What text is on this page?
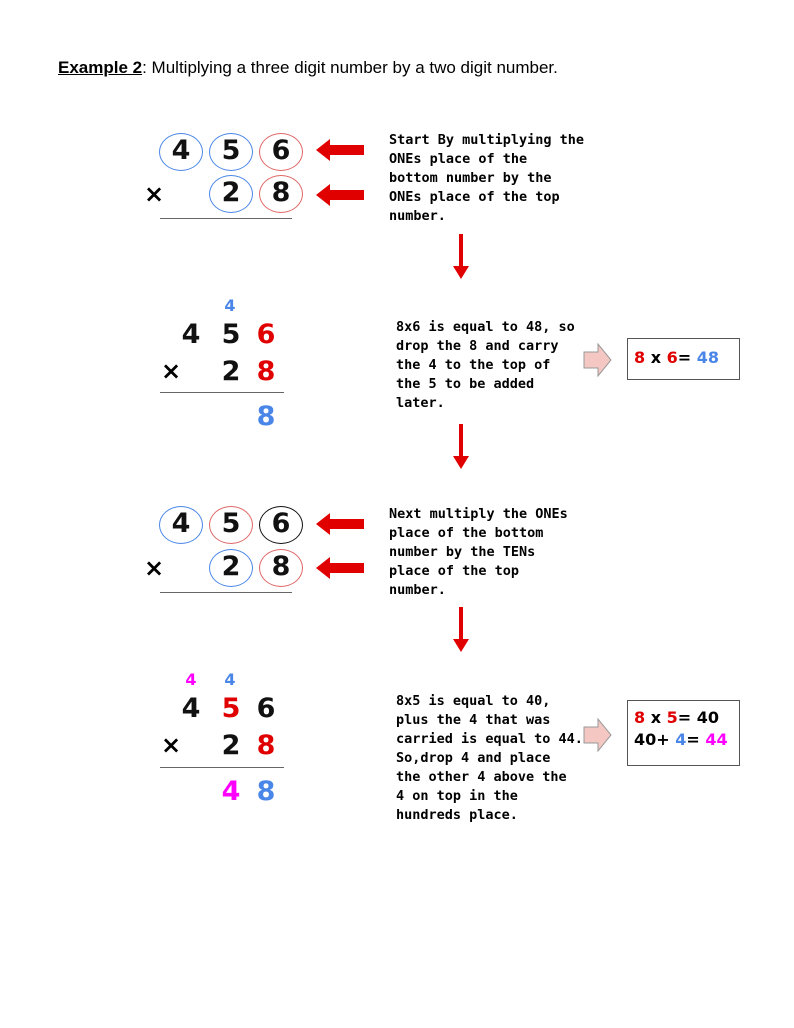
Example 2: Multiplying a three digit number by a two digit number.
4 5 6
× 2 8
Start By multiplying the
ONEs place of the
bottom number by the
ONEs place of the top
number.
4
4 5 6
× 2 8
8
8x6 is equal to 48, so
drop the 8 and carry
the 4 to the top of
the 5 to be added
later.
8 x 6= 48
4 5 6
× 2 8
Next multiply the ONEs
place of the bottom
number by the TENs
place of the top
number.
4 4
4 5 6
× 2 8
4 8
8x5 is equal to 40,
plus the 4 that was
carried is equal to 44.
So,drop 4 and place
the other 4 above the
4 on top in the
hundreds place.
8 x 5= 40
40+ 4= 44
